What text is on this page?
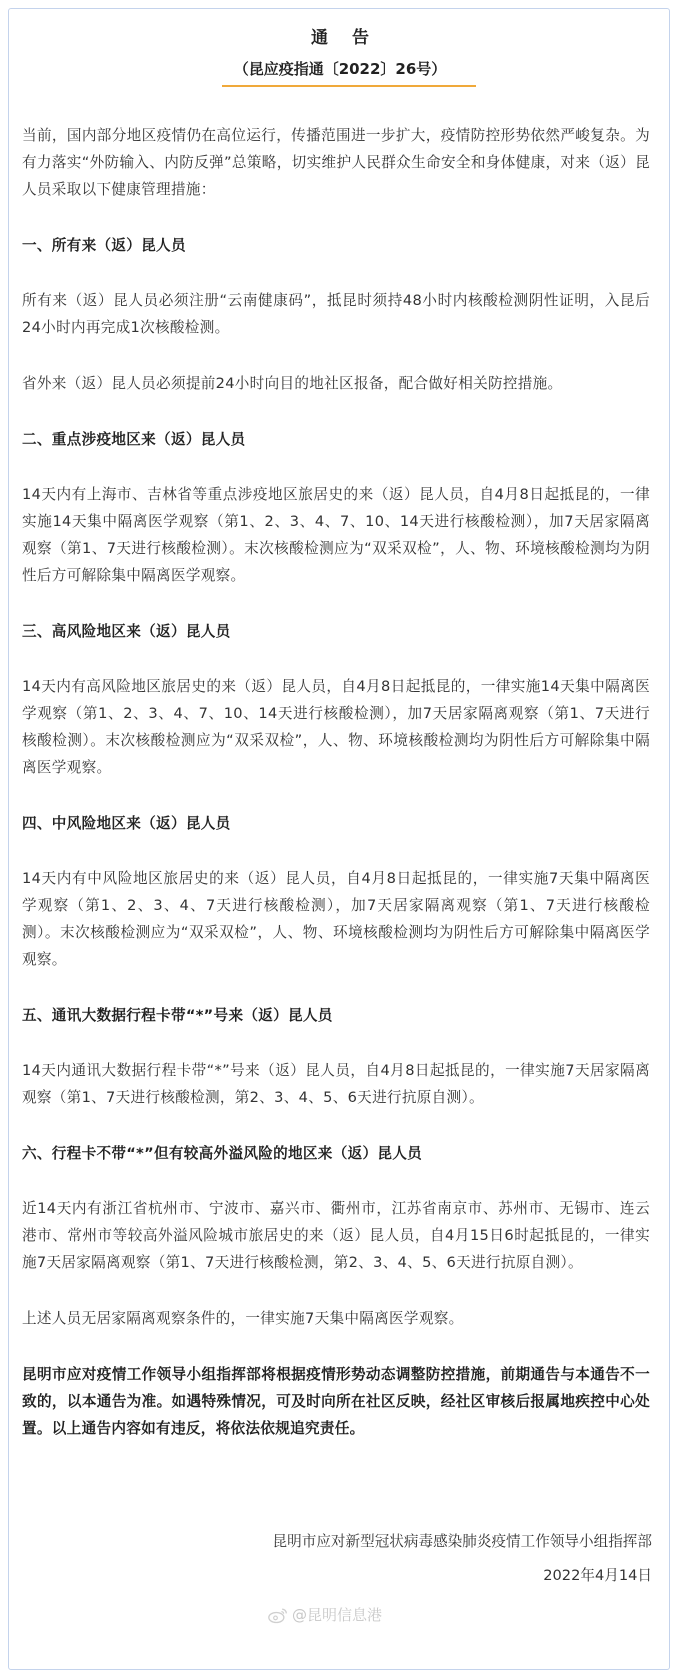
通 告
（昆应疫指通〔2022〕26号）

当前，国内部分地区疫情仍在高位运行，传播范围进一步扩大，疫情防控形势依然严峻复杂。为有力落实“外防输入、内防反弹”总策略，切实维护人民群众生命安全和身体健康，对来（返）昆人员采取以下健康管理措施：

一、所有来（返）昆人员

所有来（返）昆人员必须注册“云南健康码”，抵昆时须持48小时内核酸检测阴性证明，入昆后24小时内再完成1次核酸检测。

省外来（返）昆人员必须提前24小时向目的地社区报备，配合做好相关防控措施。

二、重点涉疫地区来（返）昆人员

14天内有上海市、吉林省等重点涉疫地区旅居史的来（返）昆人员，自4月8日起抵昆的，一律实施14天集中隔离医学观察（第1、2、3、4、7、10、14天进行核酸检测），加7天居家隔离观察（第1、7天进行核酸检测）。末次核酸检测应为“双采双检”，人、物、环境核酸检测均为阴性后方可解除集中隔离医学观察。

三、高风险地区来（返）昆人员

14天内有高风险地区旅居史的来（返）昆人员，自4月8日起抵昆的，一律实施14天集中隔离医学观察（第1、2、3、4、7、10、14天进行核酸检测），加7天居家隔离观察（第1、7天进行核酸检测）。末次核酸检测应为“双采双检”，人、物、环境核酸检测均为阴性后方可解除集中隔离医学观察。

四、中风险地区来（返）昆人员

14天内有中风险地区旅居史的来（返）昆人员，自4月8日起抵昆的，一律实施7天集中隔离医学观察（第1、2、3、4、7天进行核酸检测），加7天居家隔离观察（第1、7天进行核酸检测）。末次核酸检测应为“双采双检”，人、物、环境核酸检测均为阴性后方可解除集中隔离医学观察。

五、通讯大数据行程卡带“*”号来（返）昆人员

14天内通讯大数据行程卡带“*”号来（返）昆人员，自4月8日起抵昆的，一律实施7天居家隔离观察（第1、7天进行核酸检测，第2、3、4、5、6天进行抗原自测）。

六、行程卡不带“*”但有较高外溢风险的地区来（返）昆人员

近14天内有浙江省杭州市、宁波市、嘉兴市、衢州市，江苏省南京市、苏州市、无锡市、连云港市、常州市等较高外溢风险城市旅居史的来（返）昆人员，自4月15日6时起抵昆的，一律实施7天居家隔离观察（第1、7天进行核酸检测，第2、3、4、5、6天进行抗原自测）。

上述人员无居家隔离观察条件的，一律实施7天集中隔离医学观察。

昆明市应对疫情工作领导小组指挥部将根据疫情形势动态调整防控措施，前期通告与本通告不一致的，以本通告为准。如遇特殊情况，可及时向所在社区反映，经社区审核后报属地疾控中心处置。以上通告内容如有违反，将依法依规追究责任。

昆明市应对新型冠状病毒感染肺炎疫情工作领导小组指挥部
2022年4月14日
@昆明信息港
